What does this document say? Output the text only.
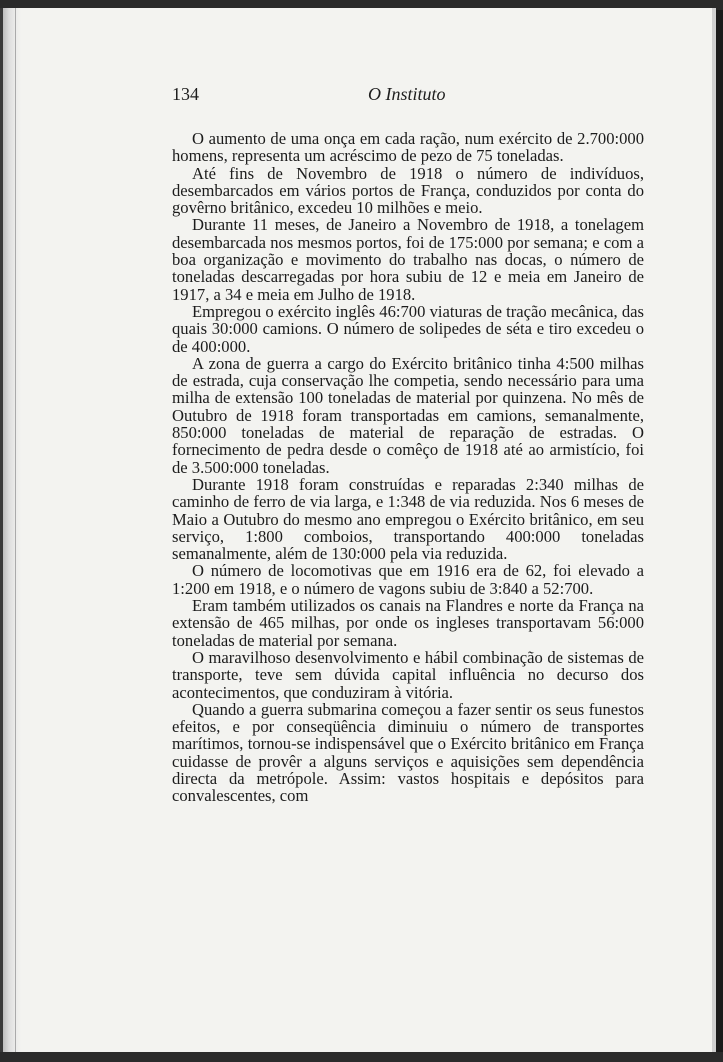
134	O Instituto

O aumento de uma onça em cada ração, num exército de 2.700:000 homens, representa um acréscimo de pezo de 75 toneladas.

Até fins de Novembro de 1918 o número de indivíduos, desembarcados em vários portos de França, conduzidos por conta do govêrno britânico, excedeu 10 milhões e meio.

Durante 11 meses, de Janeiro a Novembro de 1918, a tonelagem desembarcada nos mesmos portos, foi de 175:000 por semana; e com a boa organização e movimento do trabalho nas docas, o número de toneladas descarregadas por hora subiu de 12 e meia em Janeiro de 1917, a 34 e meia em Julho de 1918.

Empregou o exército inglês 46:700 viaturas de tração mecânica, das quais 30:000 camions. O número de solipedes de séta e tiro excedeu o de 400:000.

A zona de guerra a cargo do Exército britânico tinha 4:500 milhas de estrada, cuja conservação lhe competia, sendo necessário para uma milha de extensão 100 toneladas de material por quinzena. No mês de Outubro de 1918 foram transportadas em camions, semanalmente, 850:000 toneladas de material de reparação de estradas. O fornecimento de pedra desde o comêço de 1918 até ao armistício, foi de 3.500:000 toneladas.

Durante 1918 foram construídas e reparadas 2:340 milhas de caminho de ferro de via larga, e 1:348 de via reduzida. Nos 6 meses de Maio a Outubro do mesmo ano empregou o Exército britânico, em seu serviço, 1:800 comboios, transportando 400:000 toneladas semanalmente, além de 130:000 pela via reduzida.

O número de locomotivas que em 1916 era de 62, foi elevado a 1:200 em 1918, e o número de vagons subiu de 3:840 a 52:700.

Eram também utilizados os canais na Flandres e norte da França na extensão de 465 milhas, por onde os ingleses transportavam 56:000 toneladas de material por semana.

O maravilhoso desenvolvimento e hábil combinação de sistemas de transporte, teve sem dúvida capital influência no decurso dos acontecimentos, que conduziram à vitória.

Quando a guerra submarina começou a fazer sentir os seus funestos efeitos, e por conseqüência diminuiu o número de transportes marítimos, tornou-se indispensável que o Exército britânico em França cuidasse de provêr a alguns serviços e aquisições sem dependência directa da metrópole. Assim: vastos hospitais e depósitos para convalescentes, com
